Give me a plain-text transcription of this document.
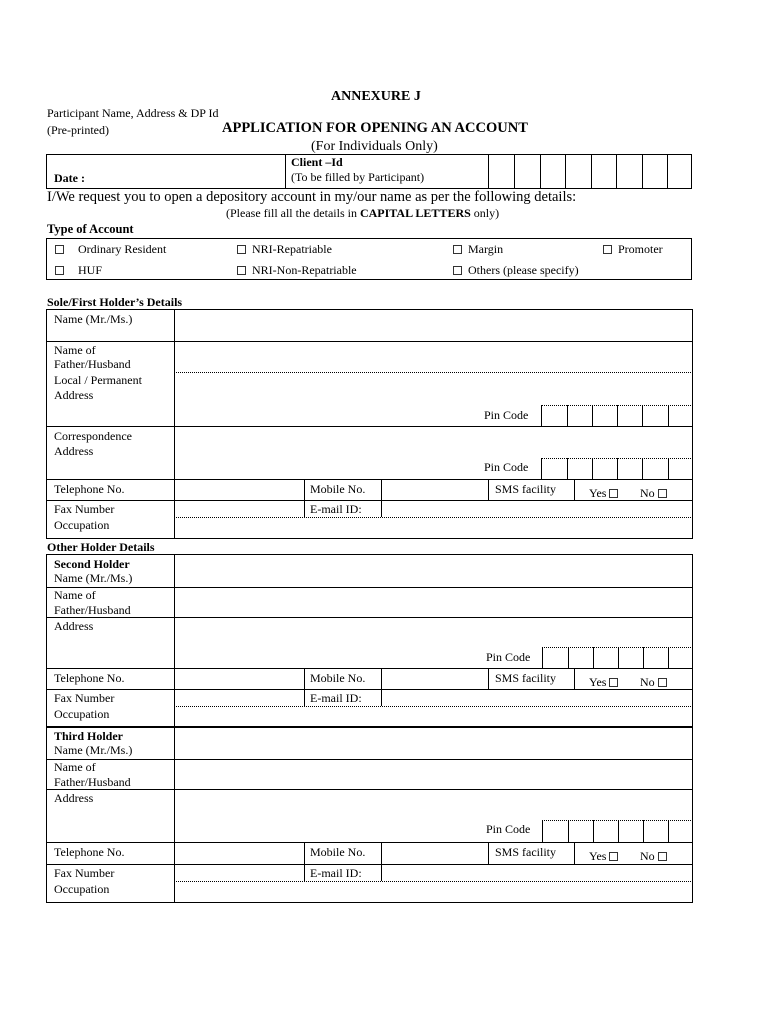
ANNEXURE J
Participant Name, Address & DP Id
(Pre-printed)	APPLICATION FOR OPENING AN ACCOUNT
(For Individuals Only)
Date :
Client –Id
(To be filled by Participant)
I/We request you to open a depository account in my/our name as per the following details:
(Please fill all the details in CAPITAL LETTERS only)
Type of Account
Ordinary Resident	NRI-Repatriable	Margin	Promoter
HUF	NRI-Non-Repatriable	Others (please specify)
Sole/First Holder’s Details
Name (Mr./Ms.)
Name of
Father/Husband
Local / Permanent
Address
Pin Code
Correspondence
Address
Pin Code
Telephone No.	Mobile No.	SMS facility	Yes	No
Fax Number	E-mail ID:
Occupation
Other Holder Details
Second Holder
Name (Mr./Ms.)
Name of
Father/Husband
Address
Pin Code
Telephone No.	Mobile No.	SMS facility	Yes	No
Fax Number	E-mail ID:
Occupation
Third Holder
Name (Mr./Ms.)
Name of
Father/Husband
Address
Pin Code
Telephone No.	Mobile No.	SMS facility	Yes	No
Fax Number	E-mail ID:
Occupation
